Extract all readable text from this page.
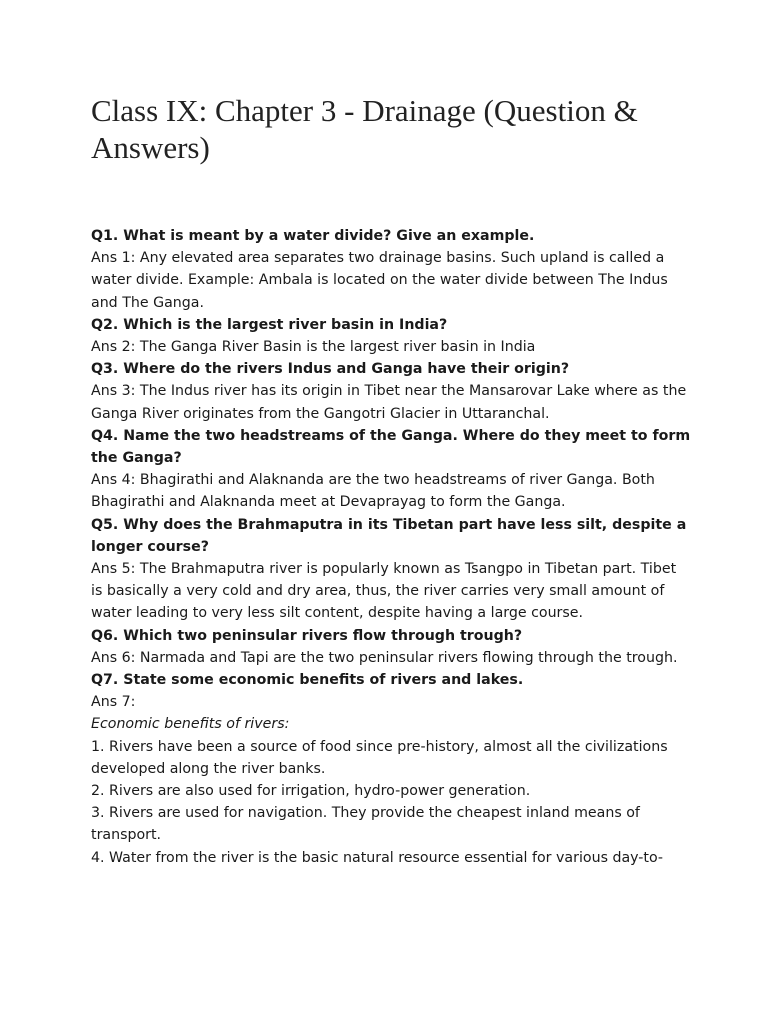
Class IX: Chapter 3 - Drainage (Question & Answers)

Q1. What is meant by a water divide? Give an example.

Ans 1: Any elevated area separates two drainage basins. Such upland is called a water divide. Example: Ambala is located on the water divide between The Indus and The Ganga.

Q2. Which is the largest river basin in India?

Ans 2: The Ganga River Basin is the largest river basin in India

Q3. Where do the rivers Indus and Ganga have their origin?

Ans 3: The Indus river has its origin in Tibet near the Mansarovar Lake where as the Ganga River originates from the Gangotri Glacier in Uttaranchal.

Q4. Name the two headstreams of the Ganga. Where do they meet to form the Ganga?

Ans 4: Bhagirathi and Alaknanda are the two headstreams of river Ganga. Both Bhagirathi and Alaknanda meet at Devaprayag to form the Ganga.

Q5. Why does the Brahmaputra in its Tibetan part have less silt, despite a longer course?

Ans 5: The Brahmaputra river is popularly known as Tsangpo in Tibetan part. Tibet is basically a very cold and dry area, thus, the river carries very small amount of water leading to very less silt content, despite having a large course.

Q6. Which two peninsular rivers flow through trough?

Ans 6: Narmada and Tapi are the two peninsular rivers flowing through the trough.

Q7. State some economic benefits of rivers and lakes.

Ans 7:

Economic benefits of rivers:

1. Rivers have been a source of food since pre-history, almost all the civilizations developed along the river banks.

2. Rivers are also used for irrigation, hydro-power generation.

3. Rivers are used for navigation. They provide the cheapest inland means of transport.

4. Water from the river is the basic natural resource essential for various day-to-
